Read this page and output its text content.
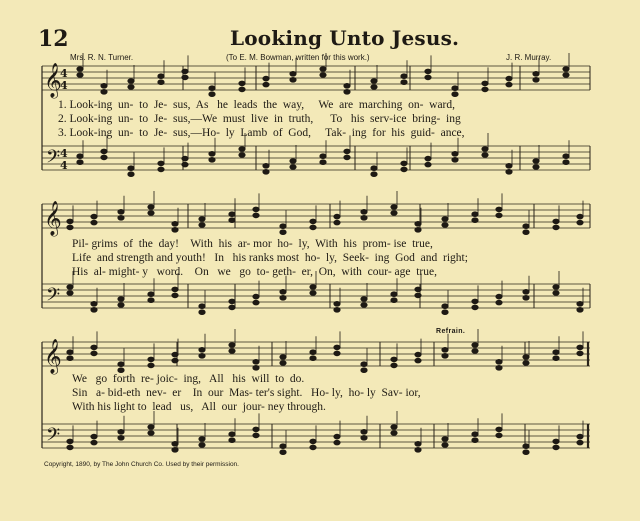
𝄞
𝄢
𝄞
𝄢
𝄞
𝄢
4
4
4
4
12	Looking Unto Jesus.
Mrs. R. N. Turner.	(To E. M. Bowman, written for this work.)	J. R. Murray.
1. Look-ing  un-  to  Je-  sus,  As   he  leads  the  way,     We  are  marching  on-  ward,
2. Look-ing  un-  to  Je-  sus,—We  must  live  in  truth,      To   his  serv-ice  bring-  ing
3. Look-ing  un-  to  Je-  sus,—Ho-  ly  Lamb  of  God,     Tak-  ing  for  his  guid-  ance,
Pil- grims  of  the  day!    With  his  ar- mor  ho-  ly,  With  his  prom- ise  true,
Life  and strength and youth!   In   his ranks most  ho-  ly,  Seek-  ing  God  and  right;
His  al- might- y   word.    On   we   go  to- geth-  er,  On,  with  cour- age  true,
Refrain.
We   go  forth  re- joic-  ing,   All   his  will  to  do.
Sin   a- bid-eth  nev-  er    In  our  Mas- ter's sight.   Ho- ly,  ho- ly  Sav- ior,
With his light to  lead   us,   All  our  jour- ney through.
Copyright, 1890, by The John Church Co. Used by their permission.
